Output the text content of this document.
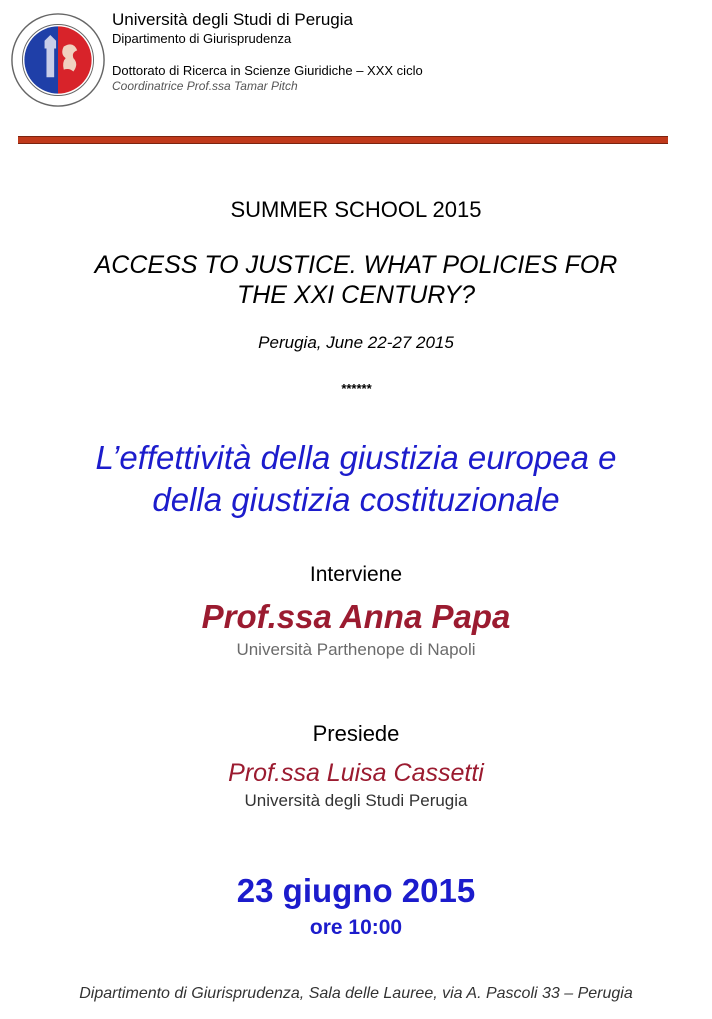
Università degli Studi di Perugia
Dipartimento di Giurisprudenza
Dottorato di Ricerca in Scienze Giuridiche – XXX ciclo
Coordinatrice Prof.ssa Tamar Pitch
SUMMER SCHOOL 2015
ACCESS TO JUSTICE. WHAT POLICIES FOR
THE XXI CENTURY?
Perugia, June 22-27 2015
******
L’effettività della giustizia europea e
della giustizia costituzionale
Interviene
Prof.ssa Anna Papa
Università Parthenope di Napoli
Presiede
Prof.ssa Luisa Cassetti
Università degli Studi Perugia
23 giugno 2015
ore 10:00
Dipartimento di Giurisprudenza, Sala delle Lauree, via A. Pascoli 33 – Perugia
